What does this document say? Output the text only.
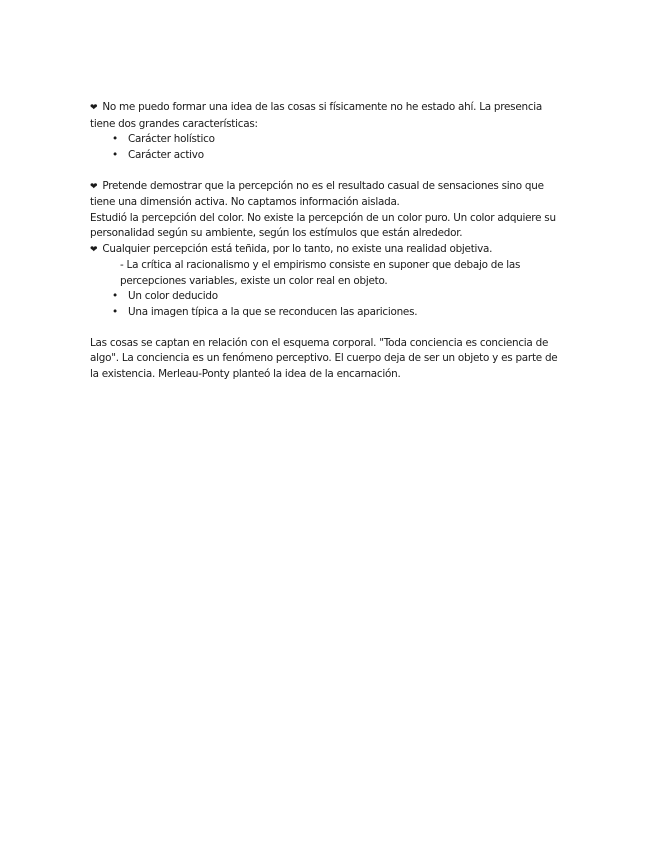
❤ No me puedo formar una idea de las cosas si físicamente no he estado ahí. La presencia tiene dos grandes características:

• Carácter holístico
• Carácter activo

❤ Pretende demostrar que la percepción no es el resultado casual de sensaciones sino que tiene una dimensión activa. No captamos información aislada.

Estudió la percepción del color. No existe la percepción de un color puro. Un color adquiere su personalidad según su ambiente, según los estímulos que están alrededor.

❤ Cualquier percepción está teñida, por lo tanto, no existe una realidad objetiva.

- La crítica al racionalismo y el empirismo consiste en suponer que debajo de las percepciones variables, existe un color real en objeto.

• Un color deducido
• Una imagen típica a la que se reconducen las apariciones.

Las cosas se captan en relación con el esquema corporal. "Toda conciencia es conciencia de algo". La conciencia es un fenómeno perceptivo. El cuerpo deja de ser un objeto y es parte de la existencia. Merleau-Ponty planteó la idea de la encarnación.
